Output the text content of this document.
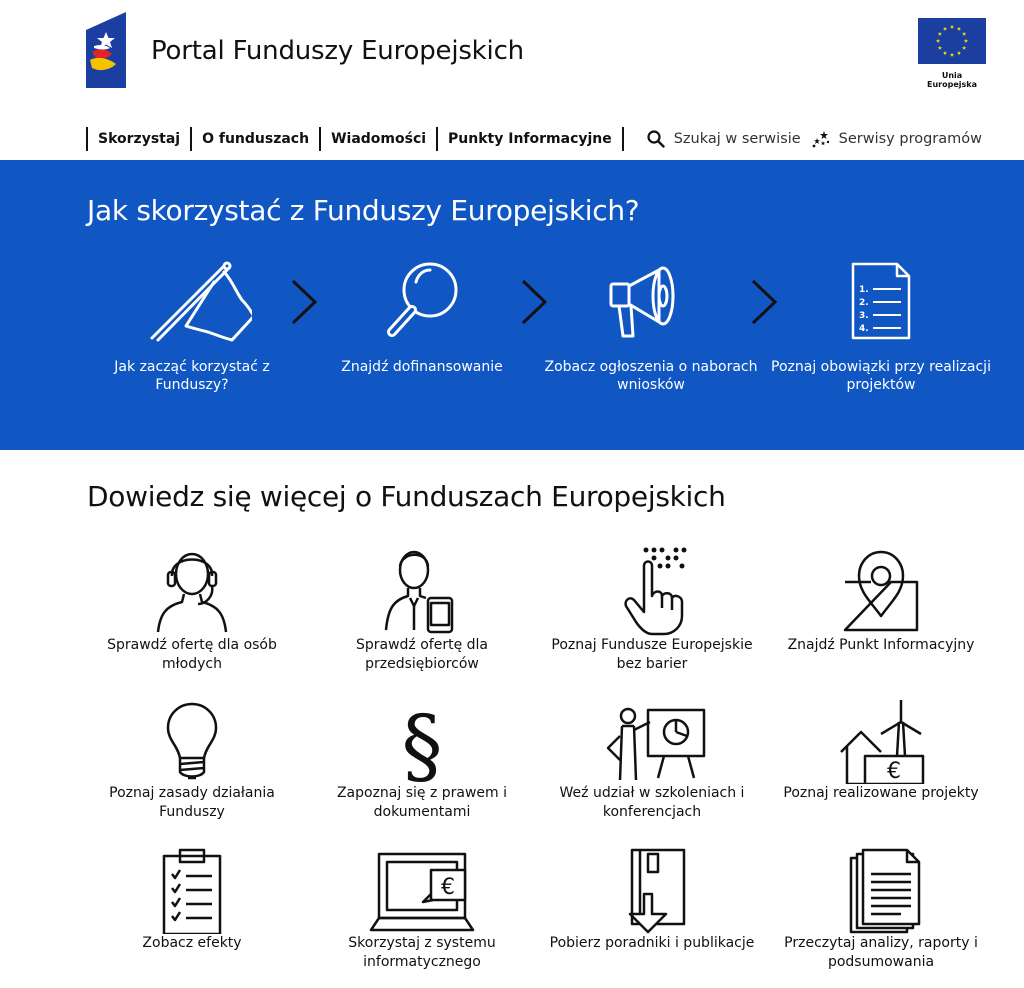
Portal Funduszy Europejskich
Unia Europejska
Skorzystaj	O funduszach	Wiadomości	Punkty Informacyjne	Szukaj w serwisie	Serwisy programów
Jak skorzystać z Funduszy Europejskich?
Jak zacząć korzystać z Funduszy?
Znajdź dofinansowanie	Zobacz ogłoszenia o naborach wniosków
1.
2.
3.
4.
Poznaj obowiązki przy realizacji projektów
Dowiedz się więcej o Funduszach Europejskich
Sprawdź ofertę dla osób młodych
Sprawdź ofertę dla przedsiębiorców
Poznaj Fundusze Europejskie bez barier
Znajdź Punkt Informacyjny
Poznaj zasady działania Funduszy
§
Zapoznaj się z prawem i dokumentami
Weź udział w szkoleniach i konferencjach
€
Poznaj realizowane projekty
Zobacz efekty
€
Skorzystaj z systemu informatycznego
Pobierz poradniki i publikacje	Przeczytaj analizy, raporty i podsumowania
